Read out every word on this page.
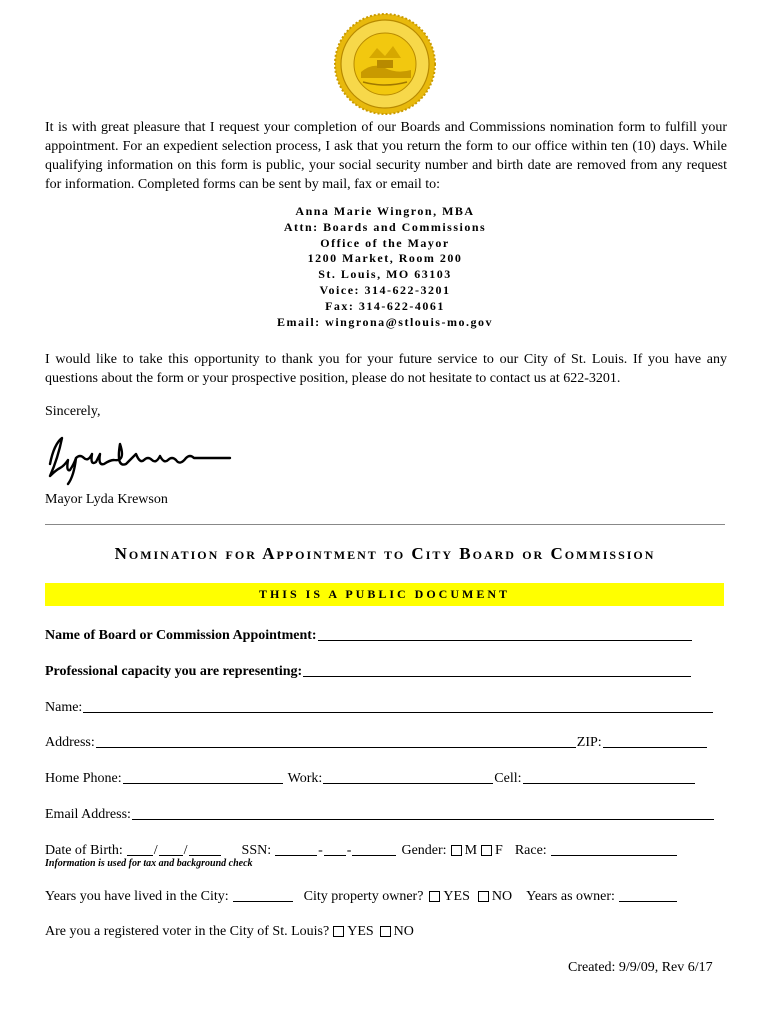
It is with great pleasure that I request your completion of our Boards and Commissions nomination form to fulfill your appointment. For an expedient selection process, I ask that you return the form to our office within ten (10) days. While qualifying information on this form is public, your social security number and birth date are removed from any request for information. Completed forms can be sent by mail, fax or email to:
Anna Marie Wingron, MBA
Attn: Boards and Commissions
Office of the Mayor
1200 Market, Room 200
St. Louis, MO 63103
Voice: 314-622-3201
Fax: 314-622-4061
Email: wingrona@stlouis-mo.gov
I would like to take this opportunity to thank you for your future service to our City of St. Louis. If you have any questions about the form or your prospective position, please do not hesitate to contact us at 622-3201.
Sincerely,
Mayor Lyda Krewson
Nomination for Appointment to City Board or Commission
THIS IS A PUBLIC DOCUMENT
Name of Board or Commission Appointment:
Professional capacity you are representing:
Name:
Address:	ZIP:
Home Phone:	Work:	Cell:
Email Address:
Date of Birth: / /	SSN:	- -	Gender: M F Race:
Information is used for tax and background check
Years you have lived in the City:	City property owner? YES NO Years as owner:
Are you a registered voter in the City of St. Louis? YES NO
Created: 9/9/09, Rev 6/17
